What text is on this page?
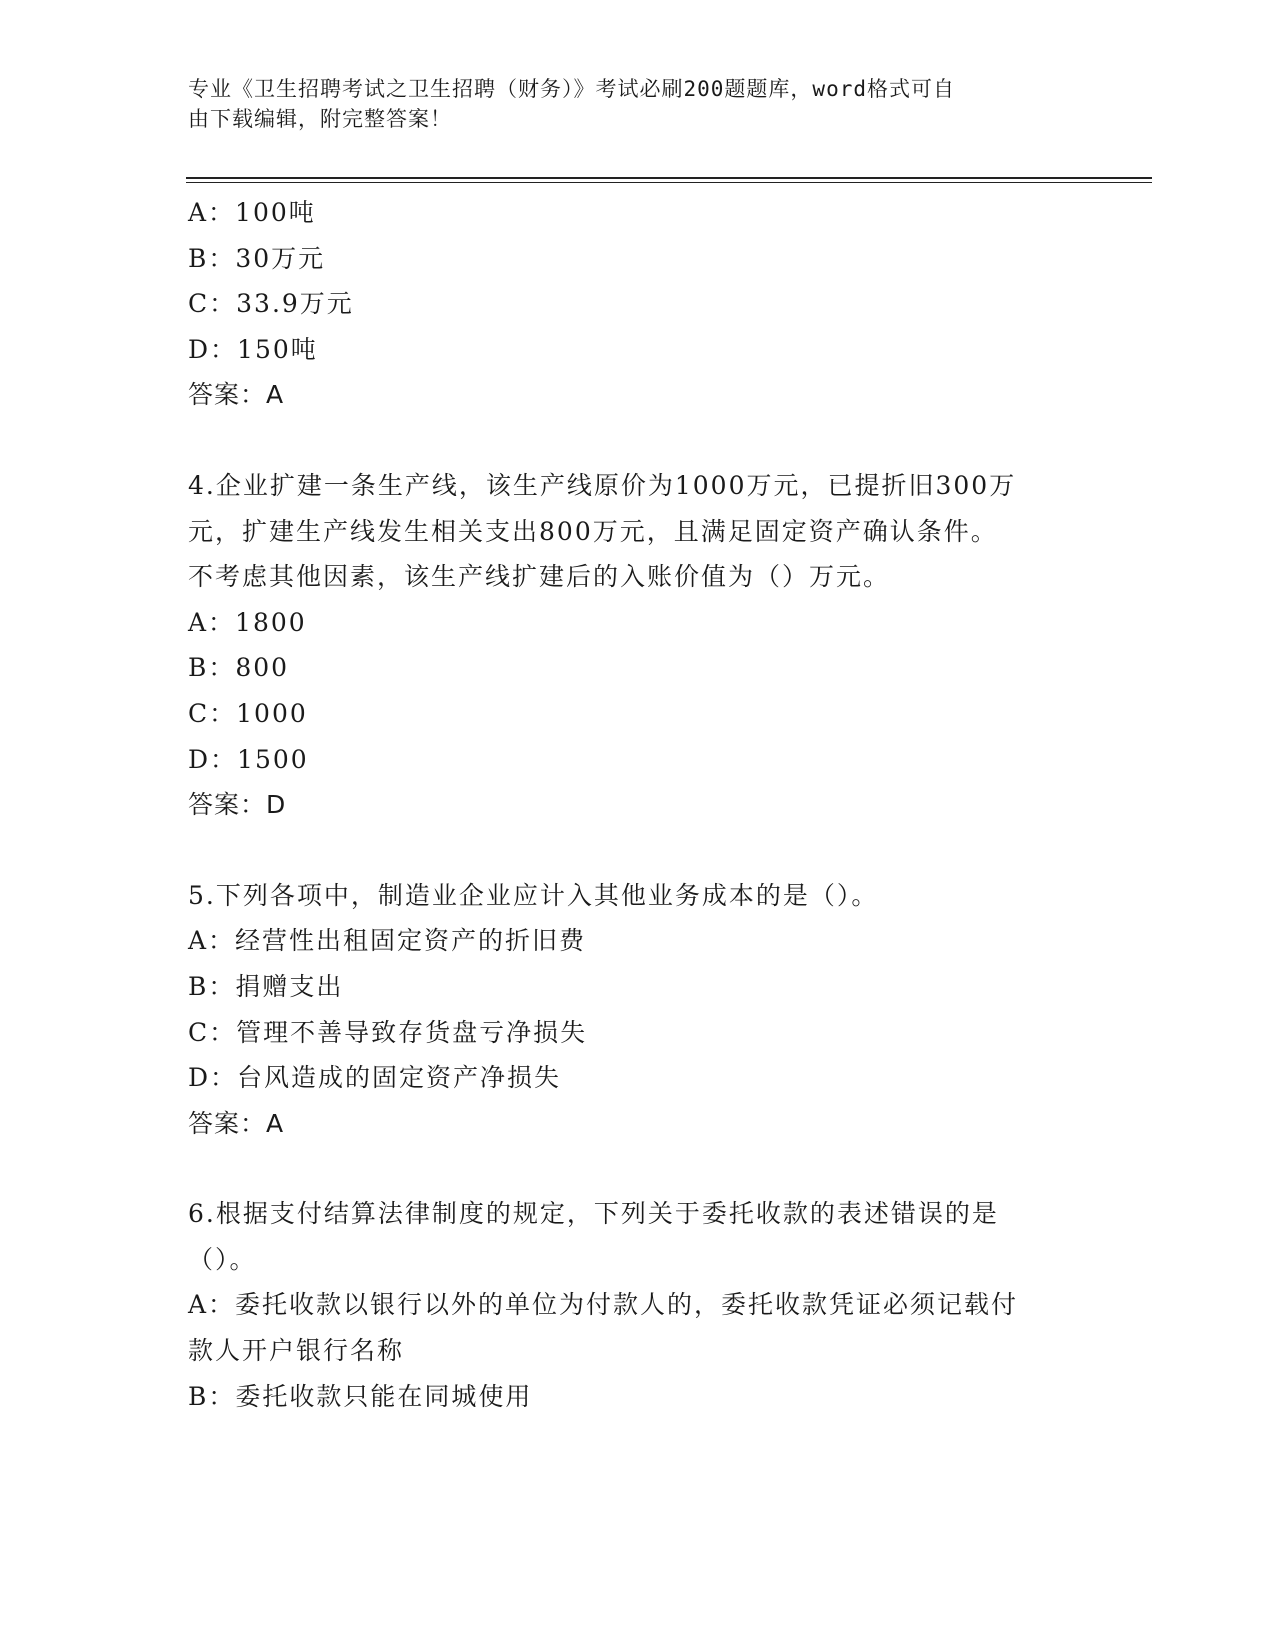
专业《卫生招聘考试之卫生招聘（财务）》考试必刷200题题库，word格式可自
由下载编辑，附完整答案！
A：100吨
B：30万元
C：33.9万元
D：150吨
答案：A
4.企业扩建一条生产线，该生产线原价为1000万元，已提折旧300万
元，扩建生产线发生相关支出800万元，且满足固定资产确认条件。
不考虑其他因素，该生产线扩建后的入账价值为（）万元。
A：1800
B：800
C：1000
D：1500
答案：D
5.下列各项中，制造业企业应计入其他业务成本的是（）。
A：经营性出租固定资产的折旧费
B：捐赠支出
C：管理不善导致存货盘亏净损失
D：台风造成的固定资产净损失
答案：A
6.根据支付结算法律制度的规定，下列关于委托收款的表述错误的是
（）。
A：委托收款以银行以外的单位为付款人的，委托收款凭证必须记载付
款人开户银行名称
B：委托收款只能在同城使用
